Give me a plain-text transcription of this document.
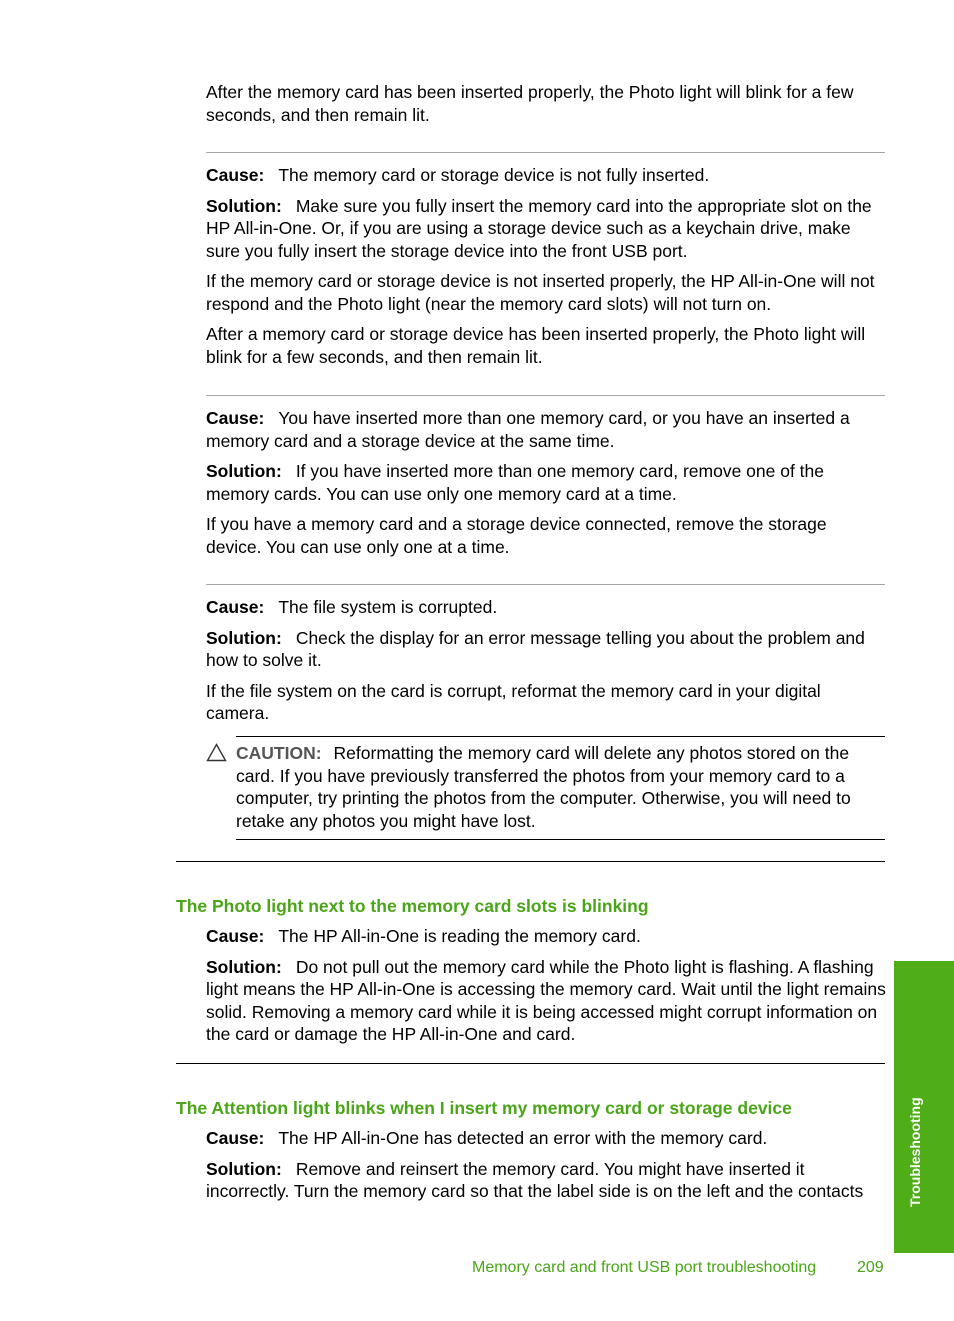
After the memory card has been inserted properly, the Photo light will blink for a few seconds, and then remain lit.

Cause: The memory card or storage device is not fully inserted.

Solution: Make sure you fully insert the memory card into the appropriate slot on the HP All-in-One. Or, if you are using a storage device such as a keychain drive, make sure you fully insert the storage device into the front USB port.

If the memory card or storage device is not inserted properly, the HP All-in-One will not respond and the Photo light (near the memory card slots) will not turn on.

After a memory card or storage device has been inserted properly, the Photo light will blink for a few seconds, and then remain lit.

Cause: You have inserted more than one memory card, or you have an inserted a memory card and a storage device at the same time.

Solution: If you have inserted more than one memory card, remove one of the memory cards. You can use only one memory card at a time.

If you have a memory card and a storage device connected, remove the storage device. You can use only one at a time.

Cause: The file system is corrupted.

Solution: Check the display for an error message telling you about the problem and how to solve it.

If the file system on the card is corrupt, reformat the memory card in your digital camera.

CAUTION: Reformatting the memory card will delete any photos stored on the card. If you have previously transferred the photos from your memory card to a computer, try printing the photos from the computer. Otherwise, you will need to retake any photos you might have lost.

The Photo light next to the memory card slots is blinking

Cause: The HP All-in-One is reading the memory card.

Solution: Do not pull out the memory card while the Photo light is flashing. A flashing light means the HP All-in-One is accessing the memory card. Wait until the light remains solid. Removing a memory card while it is being accessed might corrupt information on the card or damage the HP All-in-One and card.

The Attention light blinks when I insert my memory card or storage device

Cause: The HP All-in-One has detected an error with the memory card.

Solution: Remove and reinsert the memory card. You might have inserted it incorrectly. Turn the memory card so that the label side is on the left and the contacts	Troubleshooting
Memory card and front USB port troubleshooting	209
